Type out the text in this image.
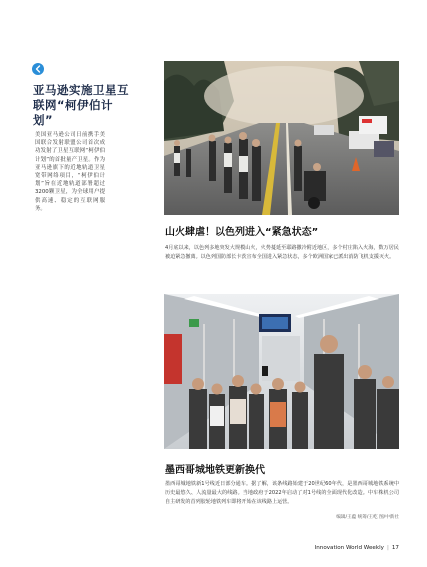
亚马逊实施卫星互联网“柯伊伯计划”
美国亚马逊公司日前携手美国联合发射联盟公司首次成功发射了卫星互联网“柯伊伯计划”的首批量产卫星。作为亚马逊旗下的近地轨道卫星宽带网络项目，“柯伊伯计划”旨在近地轨道部署超过3200颗卫星，为全球用户提供高速、稳定的互联网服务。
山火肆虐！以色列进入“紧急状态”
4月底以来，以色列多地突发大规模山火，火势蔓延至耶路撒冷附近地区，多个村庄陷入火海，数万居民被迫紧急撤离。以色列国防部长卡茨宣布全国进入紧急状态，多个欧洲国家已派出消防飞机支援灭火。
墨西哥城地铁更新换代
墨西哥城地铁新1号线近日部分通车。据了解，该条线路始建于20世纪60年代，是墨西哥城地铁系统中历史最悠久、人流量最大的线路。当地政府于2022年启动了对1号线的全面现代化改造。中车株机公司自主研发的首列胶轮地铁列车即将开始在该线路上运营。
编辑/王蕴 统筹/王屹 图/中新社
Innovation World Weekly | 17
